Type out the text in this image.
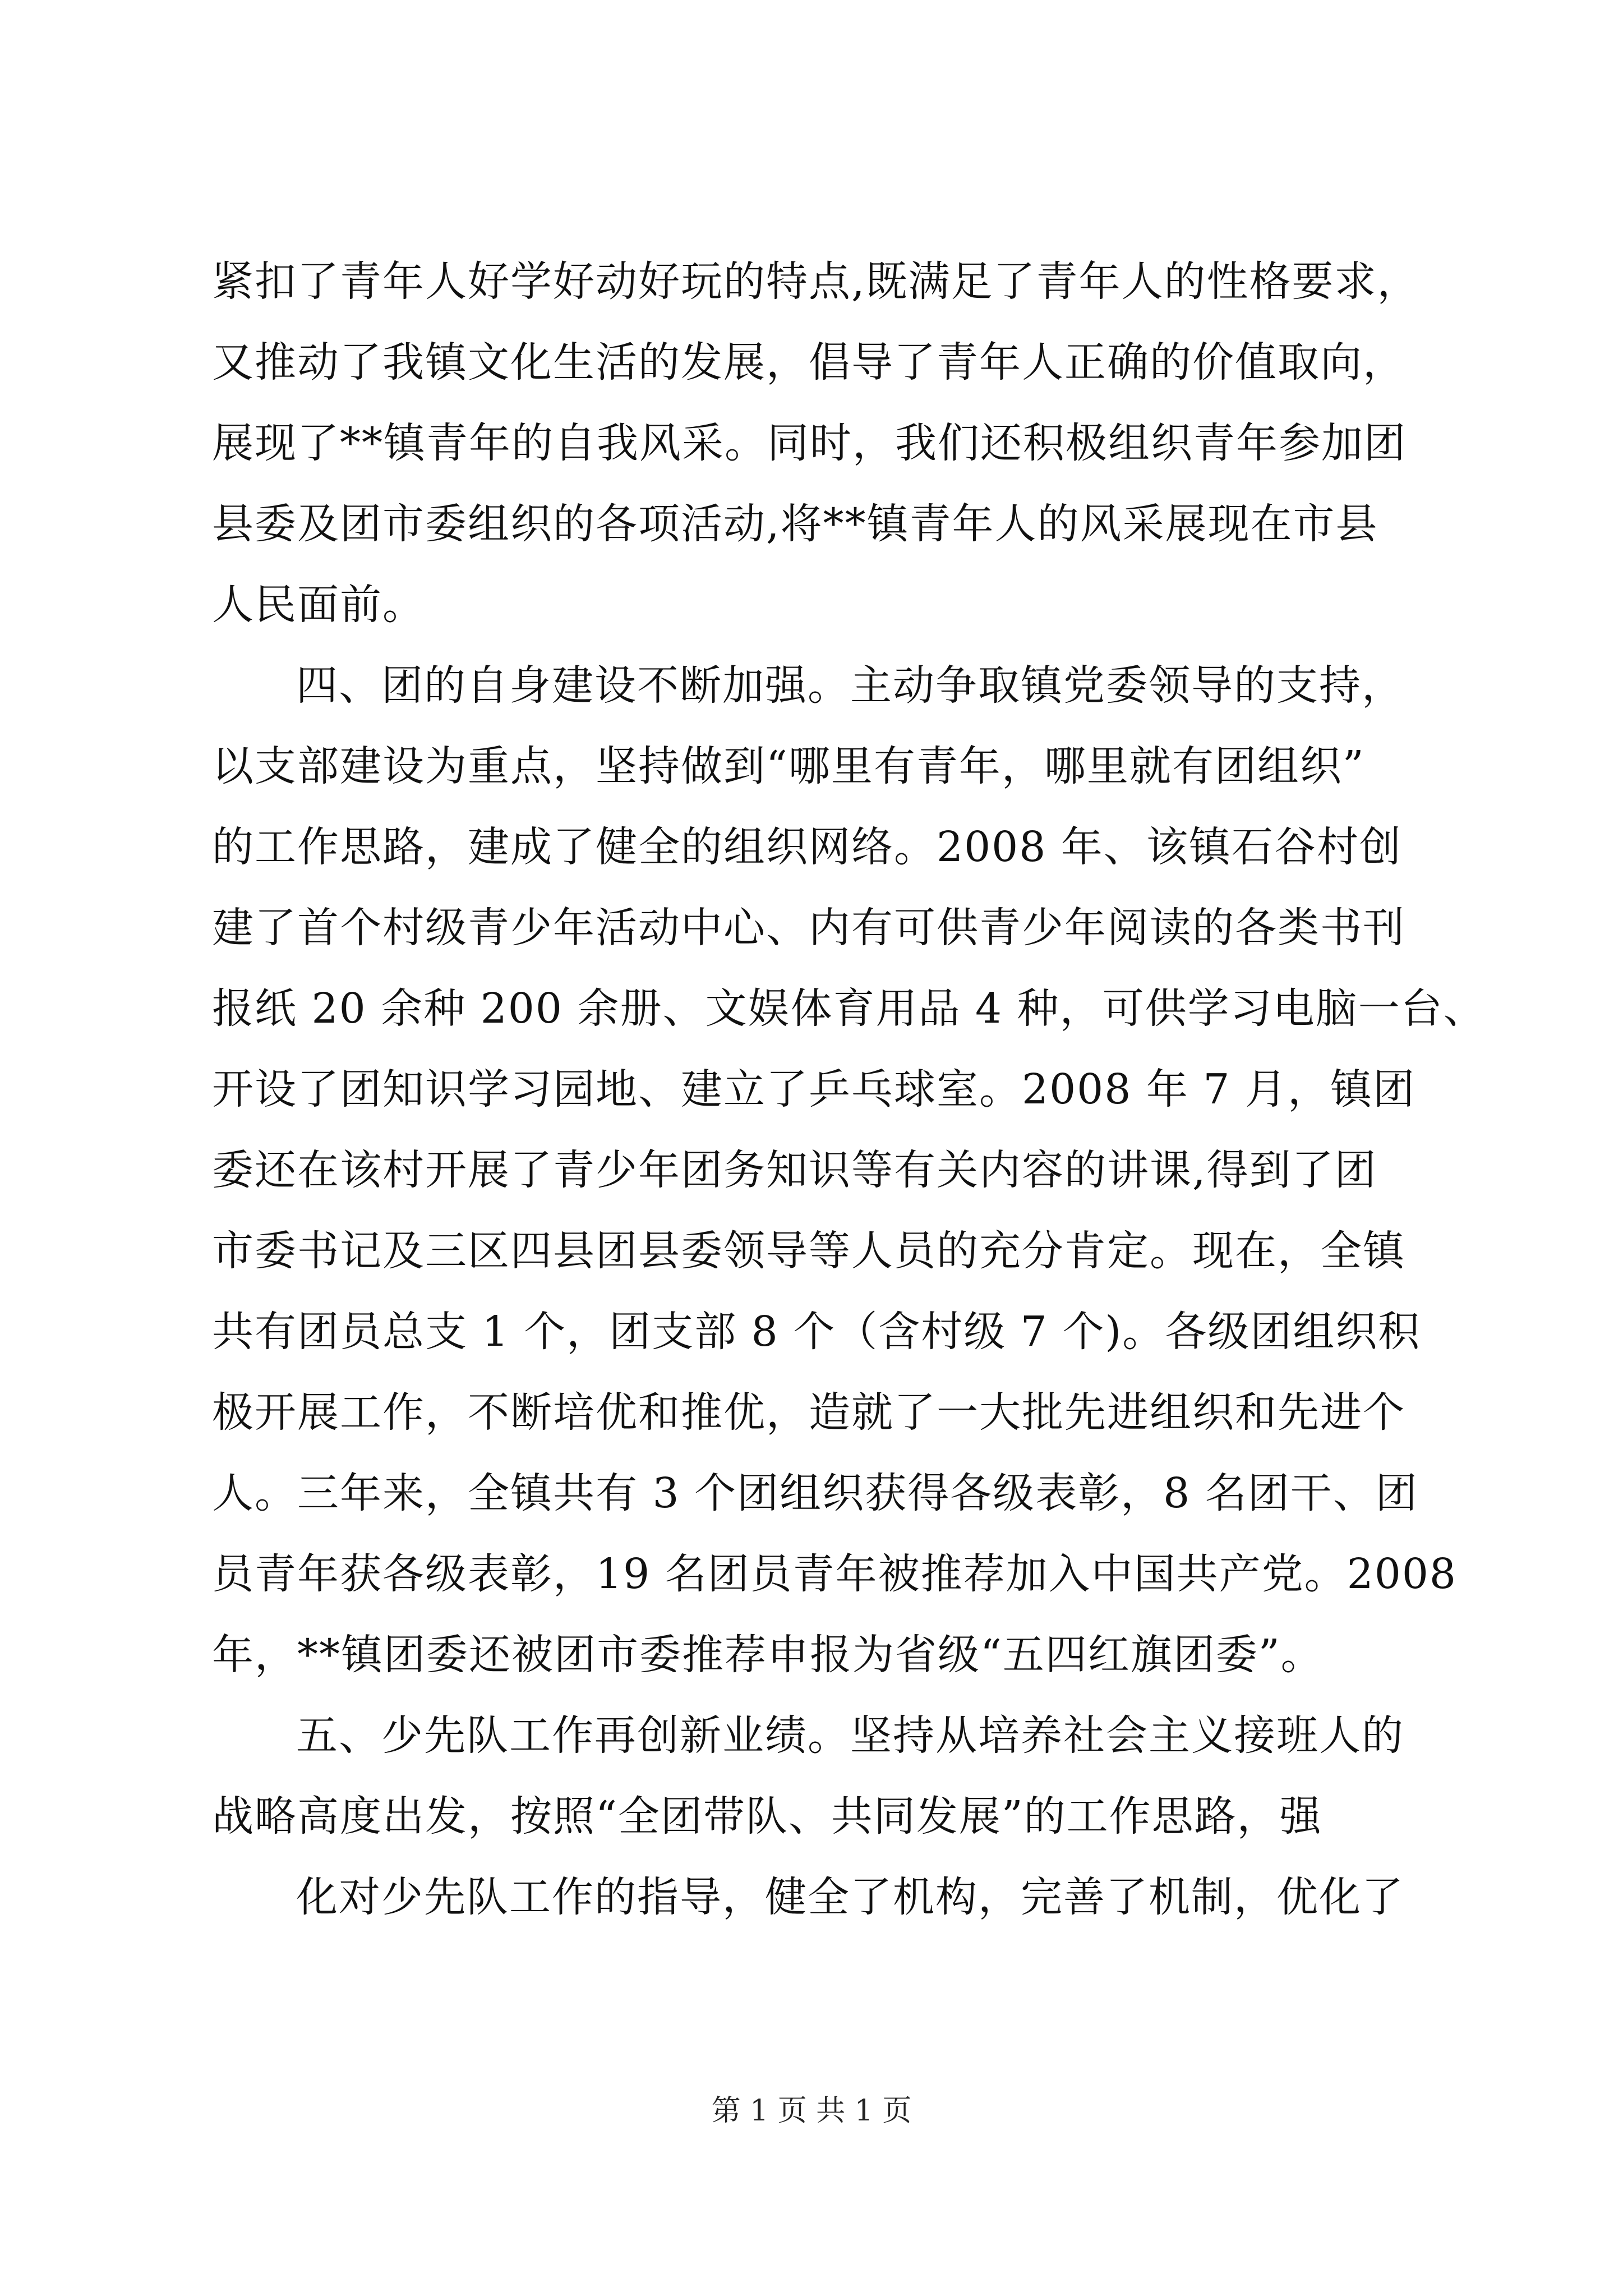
紧扣了青年人好学好动好玩的特点,既满足了青年人的性格要求，
又推动了我镇文化生活的发展，倡导了青年人正确的价值取向，
展现了**镇青年的自我风采。同时，我们还积极组织青年参加团
县委及团市委组织的各项活动,将**镇青年人的风采展现在市县
人民面前。
四、团的自身建设不断加强。主动争取镇党委领导的支持，
以支部建设为重点，坚持做到“哪里有青年，哪里就有团组织”
的工作思路，建成了健全的组织网络。2008 年、该镇石谷村创
建了首个村级青少年活动中心、内有可供青少年阅读的各类书刊
报纸 20 余种 200 余册、文娱体育用品 4 种，可供学习电脑一台、
开设了团知识学习园地、建立了乒乓球室。2008 年 7 月，镇团
委还在该村开展了青少年团务知识等有关内容的讲课,得到了团
市委书记及三区四县团县委领导等人员的充分肯定。现在，全镇
共有团员总支 1 个，团支部 8 个（含村级 7 个)。各级团组织积
极开展工作，不断培优和推优，造就了一大批先进组织和先进个
人。三年来，全镇共有 3 个团组织获得各级表彰，8 名团干、团
员青年获各级表彰，19 名团员青年被推荐加入中国共产党。2008
年，**镇团委还被团市委推荐申报为省级“五四红旗团委”。
五、少先队工作再创新业绩。坚持从培养社会主义接班人的
战略高度出发，按照“全团带队、共同发展”的工作思路，强
化对少先队工作的指导，健全了机构，完善了机制，优化了
第 1 页 共 1 页
